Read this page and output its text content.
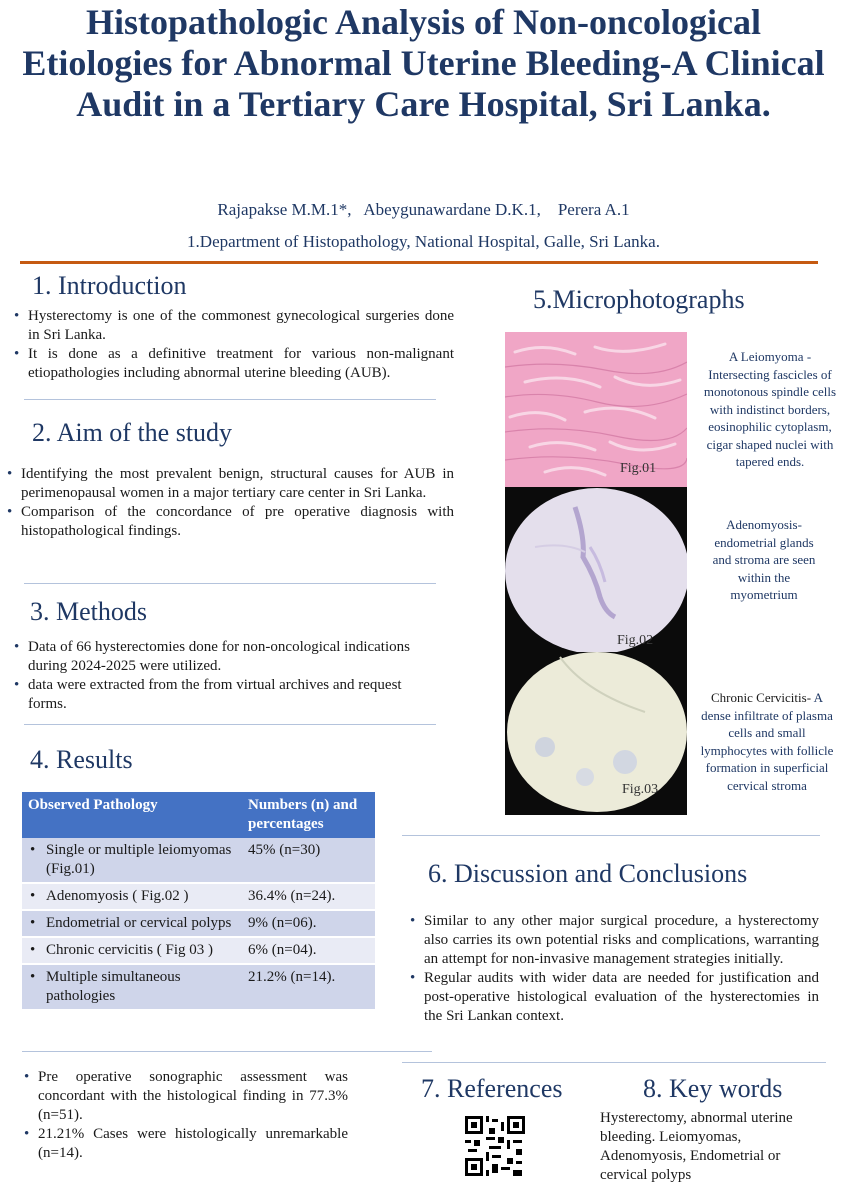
Histopathologic Analysis of Non-oncological Etiologies for Abnormal Uterine Bleeding-A Clinical Audit in a Tertiary Care Hospital, Sri Lanka.
Rajapakse M.M.1*,   Abeygunawardane D.K.1,    Perera A.1
1.Department of Histopathology, National Hospital, Galle, Sri Lanka.
1. Introduction
• Hysterectomy is one of the commonest gynecological surgeries done in Sri Lanka.
• It is done as a definitive treatment for various non-malignant etiopathologies including abnormal uterine bleeding (AUB).
2. Aim of the study
• Identifying the most prevalent benign, structural causes for AUB in perimenopausal women in a major tertiary care center in Sri Lanka.
• Comparison of the concordance of pre operative diagnosis with histopathological findings.
3. Methods
• Data of 66 hysterectomies done for non-oncological indications during 2024-2025 were utilized.
• data were extracted from the from virtual archives and request forms.
4. Results
Observed Pathology	Numbers (n) and percentages

• Single or multiple leiomyomas (Fig.01)	45% (n=30)

• Adenomyosis ( Fig.02 )	36.4% (n=24).

• Endometrial or cervical polyps	9% (n=06).

• Chronic cervicitis ( Fig 03 )	6% (n=04).

• Multiple simultaneous pathologies	21.2% (n=14).
• Pre operative sonographic assessment was concordant with the histological finding in 77.3% (n=51).
• 21.21% Cases were histologically unremarkable (n=14).
5.Microphotographs
Fig.01
Fig.02
Fig.03
A Leiomyoma - Intersecting fascicles of monotonous spindle cells with indistinct borders, eosinophilic cytoplasm, cigar shaped nuclei with tapered ends.
Adenomyosis- endometrial glands and stroma are seen within the myometrium
Chronic Cervicitis- A dense infiltrate of plasma cells and small lymphocytes with follicle formation in superficial cervical stroma
6. Discussion and Conclusions
• Similar to any other major surgical procedure, a hysterectomy also carries its own potential risks and complications, warranting an attempt for non-invasive management strategies initially.
• Regular audits with wider data are needed for justification and post-operative histological evaluation of the hysterectomies in the Sri Lankan context.
7. References	8. Key words
Hysterectomy, abnormal uterine bleeding. Leiomyomas, Adenomyosis, Endometrial or cervical polyps
